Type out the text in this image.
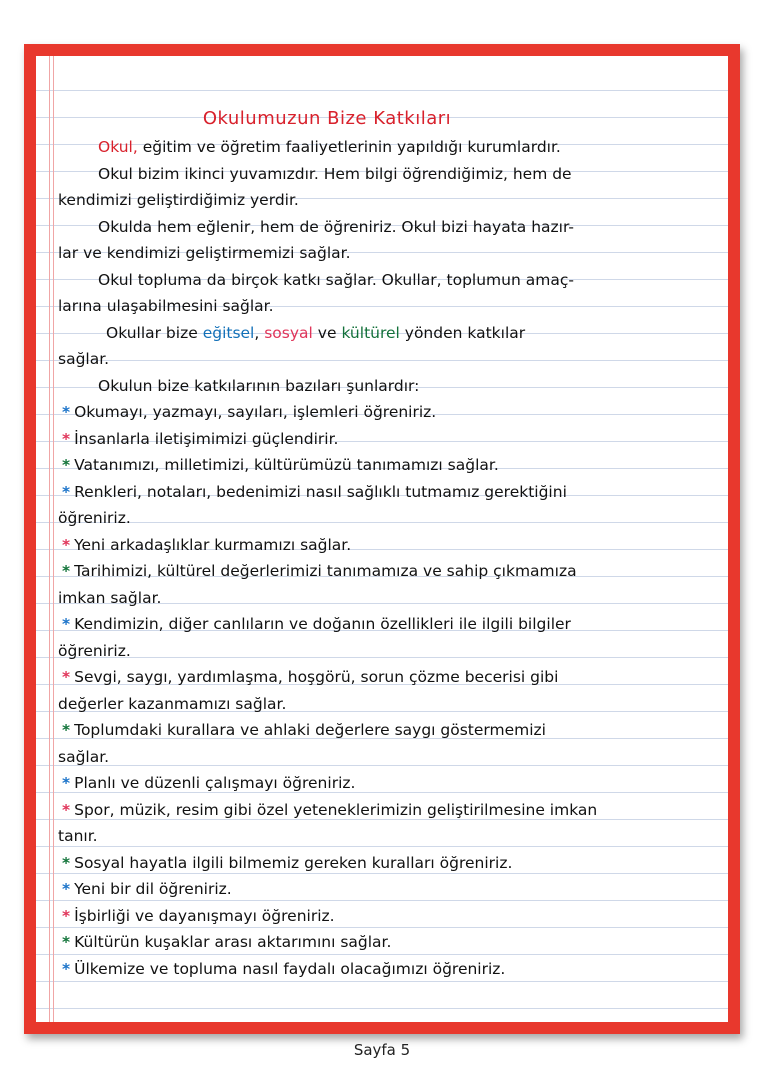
Okulumuzun Bize Katkıları
Okul, eğitim ve öğretim faaliyetlerinin yapıldığı kurumlardır.
Okul bizim ikinci yuvamızdır. Hem bilgi öğrendiğimiz, hem de
kendimizi geliştirdiğimiz yerdir.
Okulda hem eğlenir, hem de öğreniriz. Okul bizi hayata hazır-
lar ve kendimizi geliştirmemizi sağlar.
Okul topluma da birçok katkı sağlar. Okullar, toplumun amaç-
larına ulaşabilmesini sağlar.
Okullar bize eğitsel, sosyal ve kültürel yönden katkılar
sağlar.
Okulun bize katkılarının bazıları şunlardır:
* Okumayı, yazmayı, sayıları, işlemleri öğreniriz.
* İnsanlarla iletişimimizi güçlendirir.
* Vatanımızı, milletimizi, kültürümüzü tanımamızı sağlar.
* Renkleri, notaları, bedenimizi nasıl sağlıklı tutmamız gerektiğini
öğreniriz.
* Yeni arkadaşlıklar kurmamızı sağlar.
* Tarihimizi, kültürel değerlerimizi tanımamıza ve sahip çıkmamıza
imkan sağlar.
* Kendimizin, diğer canlıların ve doğanın özellikleri ile ilgili bilgiler
öğreniriz.
* Sevgi, saygı, yardımlaşma, hoşgörü, sorun çözme becerisi gibi
değerler kazanmamızı sağlar.
* Toplumdaki kurallara ve ahlaki değerlere saygı göstermemizi
sağlar.
* Planlı ve düzenli çalışmayı öğreniriz.
* Spor, müzik, resim gibi özel yeteneklerimizin geliştirilmesine imkan
tanır.
* Sosyal hayatla ilgili bilmemiz gereken kuralları öğreniriz.
* Yeni bir dil öğreniriz.
* İşbirliği ve dayanışmayı öğreniriz.
* Kültürün kuşaklar arası aktarımını sağlar.
* Ülkemize ve topluma nasıl faydalı olacağımızı öğreniriz.
Sayfa 5
